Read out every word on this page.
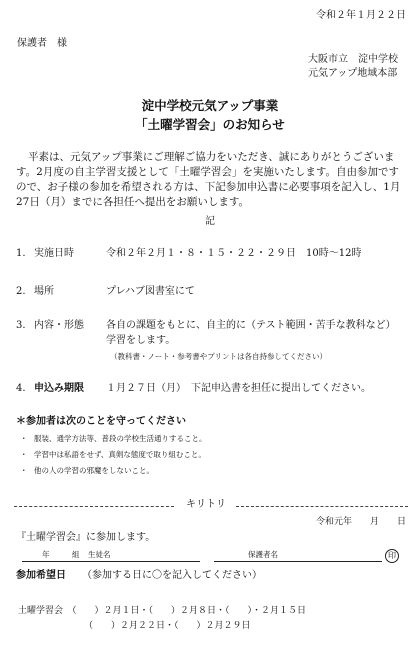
令和２年１月２２日
保護者　様
大阪市立　淀中学校
元気アップ地域本部
淀中学校元気アップ事業
「土曜学習会」のお知らせ
平素は、元気アップ事業にご理解ご協力をいただき、誠にありがとうございます。2月度の自主学習支援として「土曜学習会」を実施いたします。自由参加ですので、お子様の参加を希望される方は、下記参加申込書に必要事項を記入し、1月27日（月）までに各担任へ提出をお願いします。
記
1. 実施日時	令和２年２月１・８・１５・２２・２９日　10時～12時
2. 場所	プレハブ図書室にて
3. 内容・形態 各自の課題をもとに、自主的に（テスト範囲・苦手な教科など）
学習をします。
（教科書・ノート・参考書やプリントは各自持参してください）
4. 申込み期限 １月２７日（月）　下記申込書を担任に提出してください。
＊参加者は次のことを守ってください
・ 服装、通学方法等、普段の学校生活通りすること。
・ 学習中は私語をせず、真剣な態度で取り組むこと。
・ 他の人の学習の邪魔をしないこと。
キリトリ
令和元年　　月　　日
『土曜学習会』に参加します。
年	組 生徒名	保護者名	印
参加希望日 （参加する日に〇を記入してください）
土曜学習会　（　　）２月１日・（　　）２月８日・（　　）・２月１５日
（　　）２月２２日・（　　）２月２９日
